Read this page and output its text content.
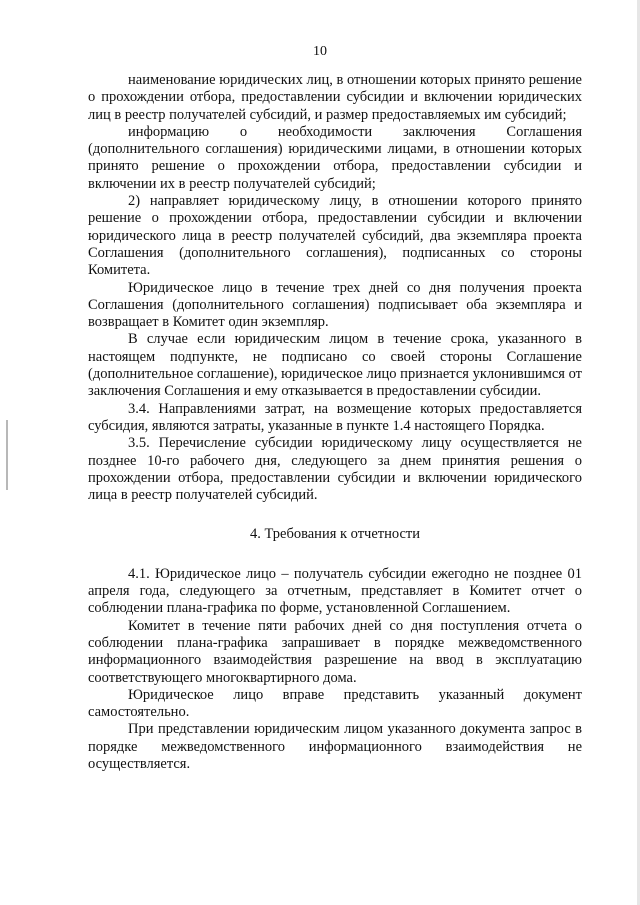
10

наименование юридических лиц, в отношении которых принято решение о прохождении отбора, предоставлении субсидии и включении юридических лиц в реестр получателей субсидий, и размер предоставляемых им субсидий;

информацию о необходимости заключения Соглашения (дополнительного соглашения) юридическими лицами, в отношении которых принято решение о прохождении отбора, предоставлении субсидии и включении их в реестр получателей субсидий;

2) направляет юридическому лицу, в отношении которого принято решение о прохождении отбора, предоставлении субсидии и включении юридического лица в реестр получателей субсидий, два экземпляра проекта Соглашения (дополнительного соглашения), подписанных со стороны Комитета.

Юридическое лицо в течение трех дней со дня получения проекта Соглашения (дополнительного соглашения) подписывает оба экземпляра и возвращает в Комитет один экземпляр.

В случае если юридическим лицом в течение срока, указанного в настоящем подпункте, не подписано со своей стороны Соглашение (дополнительное соглашение), юридическое лицо признается уклонившимся от заключения Соглашения и ему отказывается в предоставлении субсидии.

3.4. Направлениями затрат, на возмещение которых предоставляется субсидия, являются затраты, указанные в пункте 1.4 настоящего Порядка.

3.5. Перечисление субсидии юридическому лицу осуществляется не позднее 10-го рабочего дня, следующего за днем принятия решения о прохождении отбора, предоставлении субсидии и включении юридического лица в реестр получателей субсидий.

4. Требования к отчетности

4.1. Юридическое лицо – получатель субсидии ежегодно не позднее 01 апреля года, следующего за отчетным, представляет в Комитет отчет о соблюдении плана-графика по форме, установленной Соглашением.

Комитет в течение пяти рабочих дней со дня поступления отчета о соблюдении плана-графика запрашивает в порядке межведомственного информационного взаимодействия разрешение на ввод в эксплуатацию соответствующего многоквартирного дома.

Юридическое лицо вправе представить указанный документ самостоятельно.

При представлении юридическим лицом указанного документа запрос в порядке межведомственного информационного взаимодействия не осуществляется.
